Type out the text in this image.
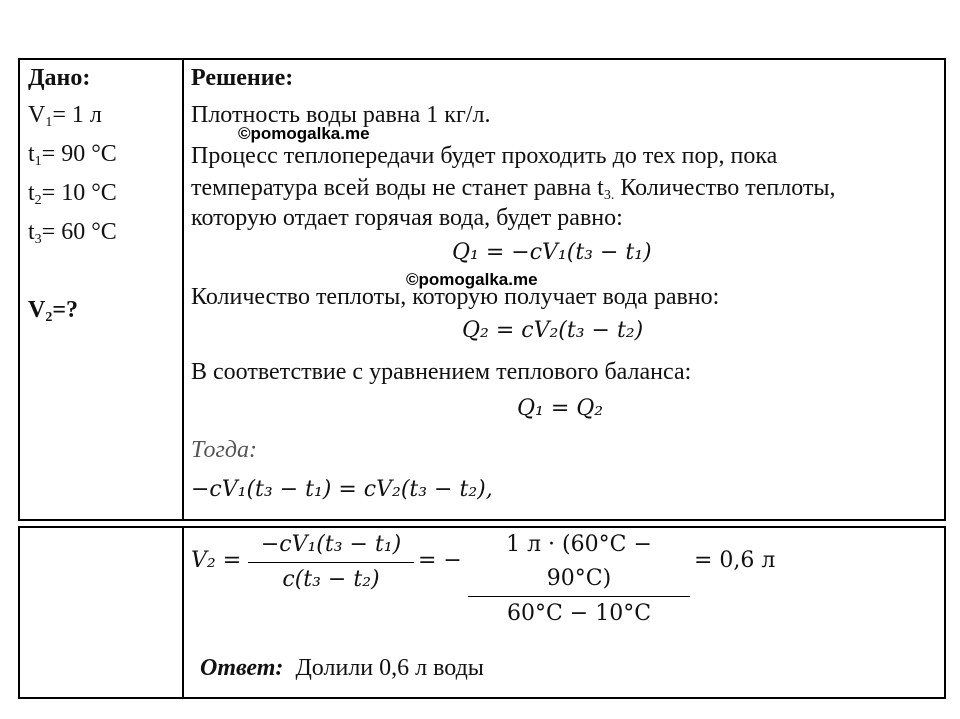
Дано:
$V_1= 1$ л
$t_1= 90$ °C
$t_2= 10$ °C
$t_3= 60$ °C
$V_2=$?
Решение:
Плотность воды равна 1 кг/л.
©pomogalka.me
Процесс теплопередачи будет проходить до тех пор, пока
температура всей воды не станет равна $t_{3.}$ Количество теплоты,
которую отдает горячая вода, будет равно:
Q₁ = −cV₁(t₃ − t₁)
©pomogalka.me
Количество теплоты, которую получает вода равно:
Q₂ = cV₂(t₃ − t₂)
В соответствие с уравнением теплового баланса:
Q₁ = Q₂
Тогда:
−cV₁(t₃ − t₁) = cV₂(t₃ − t₂),
$V_2 = \frac{\text{−cV₁(t₃ − t₁)}}{\text{c(t₃ − t₂)}}$ = −
1 л · (60°C − 90°C)
60°C − 10°C
= 0,6 л
Ответ: Долили 0,6 л воды
